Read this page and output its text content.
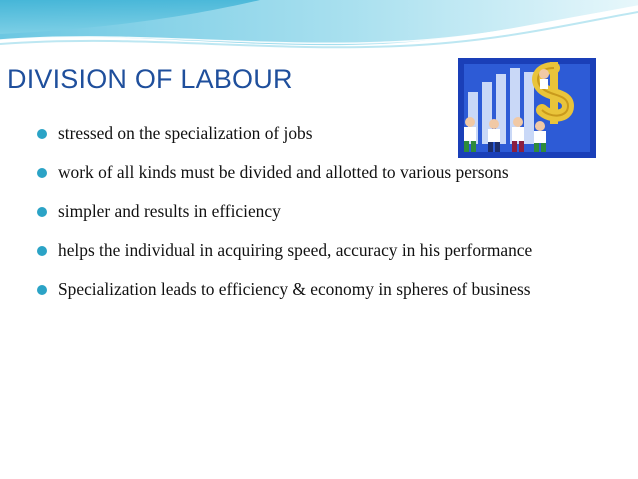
DIVISION OF LABOUR
stressed on the specialization of jobs
work of all kinds must be divided and allotted to various persons
simpler and results in efficiency
helps the individual in acquiring speed, accuracy in his performance
Specialization leads to efficiency & economy in spheres of business
